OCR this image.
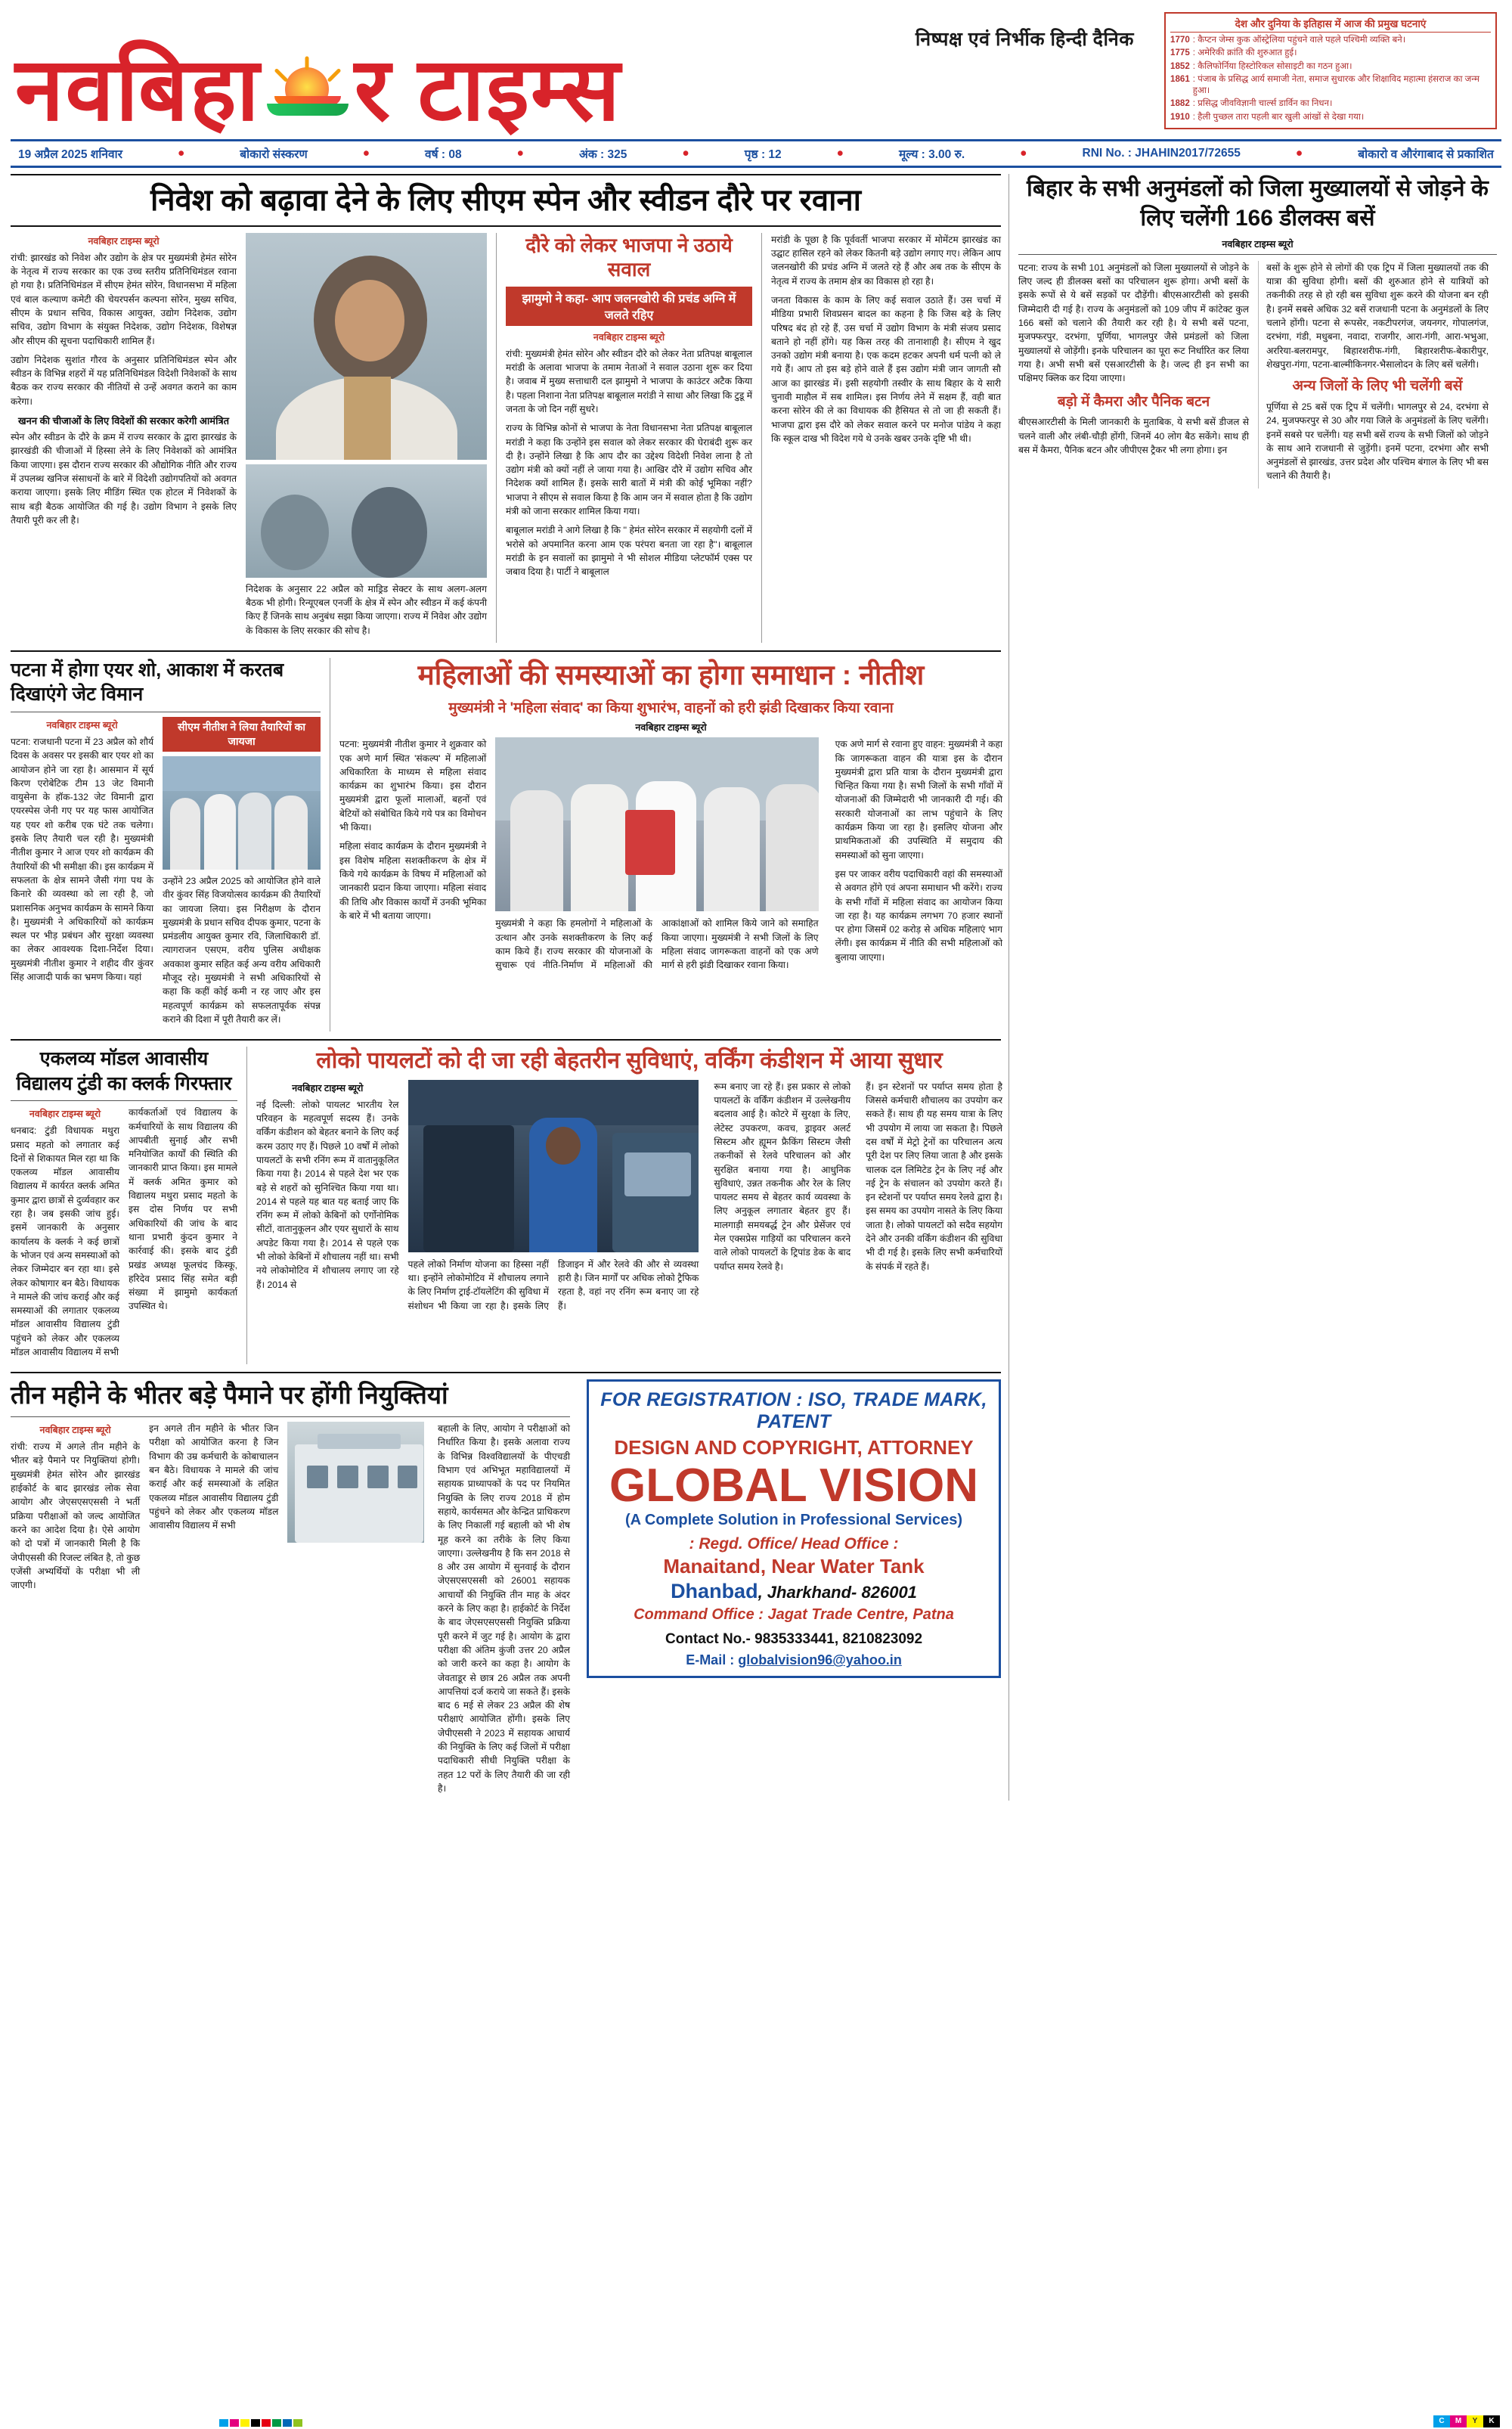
निष्पक्ष एवं निर्भीक हिन्दी दैनिक
नवबिहा र टाइम्स
देश और दुनिया के इतिहास में आज की प्रमुख घटनाएं
1770 : कैप्टन जेम्स कुक ऑस्ट्रेलिया पहुंचने वाले पहले पश्चिमी व्यक्ति बने।
1775 : अमेरिकी क्रांति की शुरुआत हुई।
1852 : कैलिफोर्निया हिस्टोरिकल सोसाइटी का गठन हुआ।
1861 : पंजाब के प्रसिद्ध आर्य समाजी नेता, समाज सुधारक और शिक्षाविद महात्मा हंसराज का जन्म हुआ।
1882 : प्रसिद्ध जीवविज्ञानी चार्ल्स डार्विन का निधन।
1910 : हैली पुच्छल तारा पहली बार खुली आंखों से देखा गया।
19 अप्रैल 2025 शनिवार	●	बोकारो संस्करण	●	वर्ष : 08	●	अंक : 325	●	पृष्ठ : 12	●	मूल्य : 3.00 रु.	●	RNI No. : JHAHIN2017/72655	●	बोकारो व औरंगाबाद से प्रकाशित
निवेश को बढ़ावा देने के लिए सीएम स्पेन और स्वीडन दौरे पर रवाना
नवबिहार टाइम्स ब्यूरो

रांची: झारखंड को निवेश और उद्योग के क्षेत्र पर मुख्यमंत्री हेमंत सोरेन के नेतृत्व में राज्य सरकार का एक उच्च स्तरीय प्रतिनिधिमंडल रवाना हो गया है। प्रतिनिधिमंडल में सीएम हेमंत सोरेन, विधानसभा में महिला एवं बाल कल्याण कमेटी की चेयरपर्सन कल्पना सोरेन, मुख्य सचिव, सीएम के प्रधान सचिव, विकास आयुक्त, उद्योग निदेशक, उद्योग सचिव, उद्योग विभाग के संयुक्त निदेशक, उद्योग निदेशक, विशेषज्ञ और सीएम की सूचना पदाधिकारी शामिल हैं।

उद्योग निदेशक सुशांत गौरव के अनुसार प्रतिनिधिमंडल स्पेन और स्वीडन के विभिन्न शहरों में यह प्रतिनिधिमंडल विदेशी निवेशकों के साथ बैठक कर राज्य सरकार की नीतियों से उन्हें अवगत कराने का काम करेगा।

खनन की चीजाओं के लिए विदेशों की सरकार करेगी आमंत्रित

स्पेन और स्वीडन के दौरे के क्रम में राज्य सरकार के द्वारा झारखंड के झारखंडी की चीजाओं में हिस्सा लेने के लिए निवेशकों को आमंत्रित किया जाएगा। इस दौरान राज्य सरकार की औद्योगिक नीति और राज्य में उपलब्ध खनिज संसाधनों के बारे में विदेशी उद्योगपतियों को अवगत कराया जाएगा। इसके लिए मीडिंग स्थित एक होटल में निवेशकों के साथ बड़ी बैठक आयोजित की गई है। उद्योग विभाग ने इसके लिए तैयारी पूरी कर ली है।

निदेशक के अनुसार 22 अप्रैल को माड्रिड सेक्टर के साथ अलग-अलग बैठक भी होगी। रिन्यूएबल एनर्जी के क्षेत्र में स्पेन और स्वीडन में कई कंपनी किए हैं जिनके साथ अनुबंध सझा किया जाएगा। राज्य में निवेश और उद्योग के विकास के लिए सरकार की सोच है।

दौरे को लेकर भाजपा ने उठाये सवाल
झामुमो ने कहा- आप जलनखोरी की प्रचंड अग्नि में जलते रहिए
नवबिहार टाइम्स ब्यूरो

रांची: मुख्यमंत्री हेमंत सोरेन और स्वीडन दौरे को लेकर नेता प्रतिपक्ष बाबूलाल मरांडी के अलावा भाजपा के तमाम नेताओं ने सवाल उठाना शुरू कर दिया है। जवाब में मुख्य सत्ताधारी दल झामुमो ने भाजपा के काउंटर अटैक किया है। पहला निशाना नेता प्रतिपक्ष बाबूलाल मरांडी ने साधा और लिखा कि टुडू में जनता के जो दिन नहीं सुधरे।

राज्य के विभिन्न कोनों से भाजपा के नेता विधानसभा नेता प्रतिपक्ष बाबूलाल मरांडी ने कहा कि उन्होंने इस सवाल को लेकर सरकार की घेराबंदी शुरू कर दी है। उन्होंने लिखा है कि आप दौर का उद्देश्य विदेशी निवेश लाना है तो उद्योग मंत्री को क्यों नहीं ले जाया गया है। आखिर दौरे में उद्योग सचिव और निदेशक क्यों शामिल हैं। इसके सारी बातों में मंत्री की कोई भूमिका नहीं? भाजपा ने सीएम से सवाल किया है कि आम जन में सवाल होता है कि उद्योग मंत्री को जाना सरकार शामिल किया गया।

बाबूलाल मरांडी ने आगे लिखा है कि '' हेमंत सोरेन सरकार में सहयोगी दलों में भरोसे को अपमानित करना आम एक परंपरा बनता जा रहा है''। बाबूलाल मरांडी के इन सवालों का झामुमो ने भी सोशल मीडिया प्लेटफॉर्म एक्स पर जबाव दिया है। पार्टी ने बाबूलाल

मरांडी के पूछा है कि पूर्ववर्ती भाजपा सरकार में मोमेंटम झारखंड का उद्घाट हासिल रहने को लेकर कितनी बड़े उद्योग लगाए गए। लेकिन आप जलनखोरी की प्रचंड अग्नि में जलते रहे हैं और अब तक के सीएम के नेतृत्व में राज्य के तमाम क्षेत्र का विकास हो रहा है।

जनता विकास के काम के लिए कई सवाल उठाते हैं। उस चर्चा में मीडिया प्रभारी शिवप्रसन बादल का कहना है कि जिस बड़े के लिए परिषद बंद हो रहे हैं, उस चर्चा में उद्योग विभाग के मंत्री संजय प्रसाद बताने हो नहीं होंगे। यह किस तरह की तानाशाही है। सीएम ने खुद उनको उद्योग मंत्री बनाया है। एक कदम हटकर अपनी धर्म पत्नी को ले गये हैं। आप तो इस बड़े होने वाले हैं इस उद्योग मंत्री जान जागती सौ आज का झारखंड में। इसी सहयोगी तस्वीर के साथ बिहार के ये सारी चुनावी माहौल में सब शामिल। इस निर्णय लेने में सक्षम हैं, वही बात करना सोरेन की ले का विधायक की हैसियत से तो जा ही सकती हैं। भाजपा द्वारा इस दौरे को लेकर सवाल करने पर मनोज पांडेय ने कहा कि स्कूल दाख भी विदेश गये थे उनके खबर उनके दृष्टि भी थी।

पटना में होगा एयर शो, आकाश में करतब दिखाएंगे जेट विमान
नवबिहार टाइम्स ब्यूरो

पटना: राजधानी पटना में 23 अप्रैल को शौर्य दिवस के अवसर पर इसकी बार एयर शो का आयोजन होने जा रहा है। आसमान में सूर्य किरण एरोबेटिक टीम 13 जेट विमानी वायुसेना के हॉक-132 जेट विमानी द्वारा एयरस्पेस जेनी गए पर यह फास आयोजित यह एयर शो करीब एक घंटे तक चलेगा। इसके लिए तैयारी चल रही है। मुख्यमंत्री नीतीश कुमार ने आज एयर शो कार्यक्रम की तैयारियों की भी समीक्षा की। इस कार्यक्रम में सफलता के क्षेत्र सामने जैसी गंगा पथ के किनारे की व्यवस्था को ला रही है, जो प्रशासनिक अनुभव कार्यक्रम के सामने किया है। मुख्यमंत्री ने अधिकारियों को कार्यक्रम स्थल पर भीड़ प्रबंधन और सुरक्षा व्यवस्था का लेकर आवश्यक दिशा-निर्देश दिया। मुख्यमंत्री नीतीश कुमार ने शहीद वीर कुंवर सिंह आजादी पार्क का भ्रमण किया। यहां

सीएम नीतीश ने लिया तैयारियों का जायजा

उन्होंने 23 अप्रैल 2025 को आयोजित होने वाले वीर कुंवर सिंह विजयोत्सव कार्यक्रम की तैयारियों का जायजा लिया। इस निरीक्षण के दौरान मुख्यमंत्री के प्रधान सचिव दीपक कुमार, पटना के प्रमंडलीय आयुक्त कुमार रवि, जिलाधिकारी डॉ. त्यागराजन एसएम, वरीय पुलिस अधीक्षक अवकाश कुमार सहित कई अन्य वरीय अधिकारी मौजूद रहे। मुख्यमंत्री ने सभी अधिकारियों से कहा कि कहीं कोई कमी न रह जाए और इस महत्वपूर्ण कार्यक्रम को सफलतापूर्वक संपन्न कराने की दिशा में पूरी तैयारी कर लें।

महिलाओं की समस्याओं का होगा समाधान : नीतीश
मुख्यमंत्री ने 'महिला संवाद' का किया शुभारंभ, वाहनों को हरी झंडी दिखाकर किया रवाना
नवबिहार टाइम्स ब्यूरो

पटना: मुख्यमंत्री नीतीश कुमार ने शुक्रवार को एक अणे मार्ग स्थित 'संकल्प' में महिलाओं अधिकारिता के माध्यम से महिला संवाद कार्यक्रम का शुभारंभ किया। इस दौरान मुख्यमंत्री द्वारा फूलों मालाओं, बहनों एवं बेटियों को संबोधित किये गये पत्र का विमोचन भी किया।

महिला संवाद कार्यक्रम के दौरान मुख्यमंत्री ने इस विशेष महिला सशक्तीकरण के क्षेत्र में किये गये कार्यक्रम के विषय में महिलाओं को जानकारी प्रदान किया जाएगा। महिला संवाद की तिथि और विकास कार्यों में उनकी भूमिका के बारे में भी बताया जाएगा।

मुख्यमंत्री ने कहा कि हमलोगों ने महिलाओं के उत्थान और उनके सशक्तीकरण के लिए कई काम किये हैं। राज्य सरकार की योजनाओं के सुचारू एवं नीति-निर्माण में महिलाओं की आकांक्षाओं को शामिल किये जाने को समाहित किया जाएगा। मुख्यमंत्री ने सभी जिलों के लिए महिला संवाद जागरूकता वाहनों को एक अणे मार्ग से हरी झंडी दिखाकर रवाना किया।

एक अणे मार्ग से रवाना हुए वाहन: मुख्यमंत्री ने कहा कि जागरूकता वाहन की यात्रा इस के दौरान मुख्यमंत्री द्वारा प्रति यात्रा के दौरान मुख्यमंत्री द्वारा चिन्हित किया गया है। सभी जिलों के सभी गाँवों में योजनाओं की जिम्मेदारी भी जानकारी दी गई। की सरकारी योजनाओं का लाभ पहुंचाने के लिए कार्यक्रम किया जा रहा है। इसलिए योजना और प्राथमिकताओं की उपस्थिति में समुदाय की समस्याओं को सुना जाएगा।

इस पर जाकर वरीय पदाधिकारी वहां की समस्याओं से अवगत होंगे एवं अपना समाधान भी करेंगे। राज्य के सभी गाँवों में महिला संवाद का आयोजन किया जा रहा है। यह कार्यक्रम लगभग 70 हजार स्थानों पर होगा जिसमें 02 करोड़ से अधिक महिलाएं भाग लेंगी। इस कार्यक्रम में नीति की सभी महिलाओं को बुलाया जाएगा।

एकलव्य मॉडल आवासीय विद्यालय टुंडी का क्लर्क गिरफ्तार
नवबिहार टाइम्स ब्यूरो

धनबाद: टुंडी विधायक मथुरा प्रसाद महतो को लगातार कई दिनों से शिकायत मिल रहा था कि एकलव्य मॉडल आवासीय विद्यालय में कार्यरत क्लर्क अमित कुमार द्वारा छात्रों से दुर्व्यवहार कर रहा है। जब इसकी जांच हुई। इसमें जानकारी के अनुसार कार्यालय के क्लर्क ने कई छात्रों के भोजन एवं अन्य समस्याओं को लेकर जिम्मेदार बन रहा था। इसे लेकर कोषागार बन बैठे। विधायक ने मामले की जांच कराई और कई समस्याओं की लगातार एकलव्य मॉडल आवासीय विद्यालय टुंडी पहुंचने को लेकर और एकलव्य मॉडल आवासीय विद्यालय में सभी

कार्यकर्ताओं एवं विद्यालय के कर्मचारियों के साथ विद्यालय की आपबीती सुनाई और सभी मनियोजित कार्यों की स्थिति की जानकारी प्राप्त किया। इस मामले में क्लर्क अमित कुमार को विद्यालय मथुरा प्रसाद महतो के इस दोस निर्णय पर सभी अधिकारियों की जांच के बाद थाना प्रभारी कुंदन कुमार ने कार्रवाई की। इसके बाद टुंडी प्रखंड अध्यक्ष फूलचंद किस्कू, हरिदेव प्रसाद सिंह समेत बड़ी संख्या में झामुमो कार्यकर्ता उपस्थित थे।

लोको पायलटों को दी जा रही बेहतरीन सुविधाएं, वर्किंग कंडीशन में आया सुधार
नवबिहार टाइम्स ब्यूरो

नई दिल्ली: लोको पायलट भारतीय रेल परिवहन के महत्वपूर्ण सदस्य हैं। उनके वर्किंग कंडीशन को बेहतर बनाने के लिए कई करम उठाए गए हैं। पिछले 10 वर्षों में लोको पायलटों के सभी रनिंग रूम में वातानुकूलित किया गया है। 2014 से पहले देश भर एक बड़े से शहरों को सुनिश्चित किया गया था। 2014 से पहले यह बात यह बताई जाए कि रनिंग रूम में लोको केबिनों को एर्गोनोमिक सीटों, वातानुकूलन और एयर सुधारों के साथ अपडेट किया गया है। 2014 से पहले एक भी लोको केबिनों में शौचालय नहीं था। सभी नये लोकोमोटिव में शौचालय लगाए जा रहे हैं। 2014 से

पहले लोको निर्माण योजना का हिस्सा नहीं था। इन्होंने लोकोमोटिव में शौचालय लगाने के लिए निर्माण ट्राई-टॉयलेटिंग की सुविधा में संशोधन भी किया जा रहा है। इसके लिए डिजाइन में और रेलवे की और से व्यवस्था हारी है। जिन मार्गों पर अधिक लोको ट्रैफिक रहता है, वहां नए रनिंग रूम बनाए जा रहे हैं।

रूम बनाए जा रहे हैं। इस प्रकार से लोको पायलटों के वर्किंग कंडीशन में उल्लेखनीय बदलाव आई है। कोटरे में सुरक्षा के लिए, लेटेस्ट उपकरण, कवच, ड्राइवर अलर्ट सिस्टम और ह्यूमन फ्रैकिंग सिस्टम जैसी तकनीकों से रेलवे परिचालन को और सुरक्षित बनाया गया है। आधुनिक सुविधाएं, उन्नत तकनीक और रेल के लिए पायलट समय से बेहतर कार्य व्यवस्था के लिए अनुकूल लगातार बेहतर हुए हैं। मालगाड़ी समयबर्द्ध ट्रेन और प्रेसेंजर एवं मेल एक्सप्रेस गाड़ियों का परिचालन करने वाले लोको पायलटों के ट्रिपांड डेक के बाद पर्याप्त समय रेलवे है।

हैं। इन स्टेशनों पर पर्याप्त समय होता है जिससे कर्मचारी शौचालय का उपयोग कर सकते हैं। साथ ही यह समय यात्रा के लिए भी उपयोग में लाया जा सकता है। पिछले दस वर्षों में मेट्रो ट्रेनों का परिचालन अत्य पूरी देश पर लिए लिया जाता है और इसके चालक दल लिमिटेड ट्रेन के लिए नई और नई ट्रेन के संचालन को उपयोग करते हैं। इन स्टेशनों पर पर्याप्त समय रेलवे द्वारा है। इस समय का उपयोग नासते के लिए किया जाता है। लोको पायलटों को सदैव सहयोग देने और उनकी वर्किंग कंडीशन की सुविधा भी दी गई है। इसके लिए सभी कर्मचारियों के संपर्क में रहते हैं।

तीन महीने के भीतर बड़े पैमाने पर होंगी नियुक्तियां
नवबिहार टाइम्स ब्यूरो

रांची: राज्य में अगले तीन महीने के भीतर बड़े पैमाने पर नियुक्तियां होगी। मुख्यमंत्री हेमंत सोरेन और झारखंड हाईकोर्ट के बाद झारखंड लोक सेवा आयोग और जेएसएसएससी ने भर्ती प्रक्रिया परीक्षाओं को जल्द आयोजित करने का आदेश दिया है। ऐसे आयोग को दो पत्रों में जानकारी मिली है कि जेपीएससी की रिजल्ट लंबित है, तो कुछ एजेंसी अभ्यर्थियों के परीक्षा भी ली जाएगी।

इन अगले तीन महीने के भीतर जिन परीक्षा को आयोजित करना है जिन विभाग की उम्र कर्मचारी के कोबाचालन बन बैठे। विधायक ने मामले की जांच कराई और कई समस्याओं के लक्षित एकलव्य मॉडल आवासीय विद्यालय टुंडी पहुंचने को लेकर और एकलव्य मॉडल आवासीय विद्यालय में सभी

बहाली के लिए, आयोग ने परीक्षाओं को निर्धारित किया है। इसके अलावा राज्य के विभिन्न विश्वविद्यालयों के पीएचडी विभाग एवं अभिभूत महाविद्यालयों में सहायक प्राध्यापकों के पद पर नियमित नियुक्ति के लिए राज्य 2018 में होम सहाये, कार्यसमत और केन्द्रित प्राधिकरण के लिए निकालीं गई बहाली को भी शेष मूह करने का तरीके के लिए किया जाएगा। उल्लेखनीय है कि सन 2018 से 8 और उस आयोग में सुनवाई के दौरान जेएसएसएससी को 26001 सहायक आचार्यों की नियुक्ति तीन माह के अंदर करने के लिए कहा है। हाईकोर्ट के निर्देश के बाद जेएसएसएससी नियुक्ति प्रक्रिया पूरी करने में जुट गई है। आयोग के द्वारा परीक्षा की अंतिम कुंजी उत्तर 20 अप्रैल को जारी करने का कहा है। आयोग के जेवताडूर से छात्र 26 अप्रैल तक अपनी आपत्तियां दर्ज कराये जा सकते हैं। इसके बाद 6 मई से लेकर 23 अप्रैल की शेष परीक्षाएं आयोजित होंगी। इसके लिए जेपीएससी ने 2023 में सहायक आचार्य की नियुक्ति के लिए कई जिलों में परीक्षा पदाधिकारी सीधी नियुक्ति परीक्षा के तहत 12 परों के लिए तैयारी की जा रही है।

FOR REGISTRATION : ISO, TRADE MARK, PATENT
DESIGN AND COPYRIGHT, ATTORNEY
GLOBAL VISION
(A Complete Solution in Professional Services)
: Regd. Office/ Head Office :
Manaitand, Near Water Tank
Dhanbad, Jharkhand- 826001
Command Office : Jagat Trade Centre, Patna
Contact No.- 9835333441, 8210823092
E-Mail : globalvision96@yahoo.in
बिहार के सभी अनुमंडलों को जिला मुख्यालयों से जोड़ने के लिए चलेंगी 166 डीलक्स बसें
नवबिहार टाइम्स ब्यूरो

पटना: राज्य के सभी 101 अनुमंडलों को जिला मुख्यालयों से जोड़ने के लिए जल्द ही डीलक्स बसों का परिचालन शुरू होगा। अभी बसों के इसके रूपों से ये बसें सड़कों पर दौड़ेंगी। बीएसआरटीसी को इसकी जिम्मेदारी दी गई है। राज्य के अनुमंडलों को 109 जीप में कांटेक्ट कुल 166 बसों को चलाने की तैयारी कर रही है। ये सभी बसें पटना, मुजफ्फरपुर, दरभंगा, पूर्णिया, भागलपुर जैसे प्रमंडलों को जिला मुख्यालयों से जोड़ेंगी। इनके परिचालन का पूरा रूट निर्धारित कर लिया गया है। अभी सभी बसें एसआरटीसी के है। जल्द ही इन सभी का पक्षिमए क्लिक कर दिया जाएगा।

बड़ो में कैमरा और पैनिक बटन

बीएसआरटीसी के मिली जानकारी के मुताबिक, ये सभी बसें डीजल से चलने वाली और लंबी-चौड़ी होंगी, जिनमें 40 लोग बैठ सकेंगे। साथ ही बस में कैमरा, पैनिक बटन और जीपीएस ट्रैकर भी लगा होगा। इन

बसों के शुरू होने से लोगों की एक ट्रिप में जिला मुख्यालयों तक की यात्रा की सुविधा होगी। बसों की शुरुआत होने से यात्रियों को तकनीकी तरह से हो रही बस सुविधा शुरू करने की योजना बन रही है। इनमें सबसे अधिक 32 बसें राजधानी पटना के अनुमंडलों के लिए चलाने होंगी। पटना से रूपसेर, नकटीपरगंज, जयनगर, गोपालगंज, दरभंगा, गंडी, मधुबना, नवादा, राजगीर, आरा-गंगी, आरा-भभुआ, अररिया-बलरामपुर, बिहारशरीफ-गंगी, बिहारशरीफ-बेकारीपुर, शेखपुरा-गंगा, पटना-बाल्मीकिनगर-भैसालोदन के लिए बसें चलेंगी।

अन्य जिलों के लिए भी चलेंगी बसें

पूर्णिया से 25 बसें एक ट्रिप में चलेंगी। भागलपुर से 24, दरभंगा से 24, मुजफ्फरपुर से 30 और गया जिले के अनुमंडलों के लिए चलेंगी। इनमें सबसे पर चलेंगी। यह सभी बसें राज्य के सभी जिलों को जोड़ने के साथ आने राजधानी से जुड़ेंगी। इनमें पटना, दरभंगा और सभी अनुमंडलों से झारखंड, उत्तर प्रदेश और पश्चिम बंगाल के लिए भी बस चलाने की तैयारी है।

C	M	Y	K
